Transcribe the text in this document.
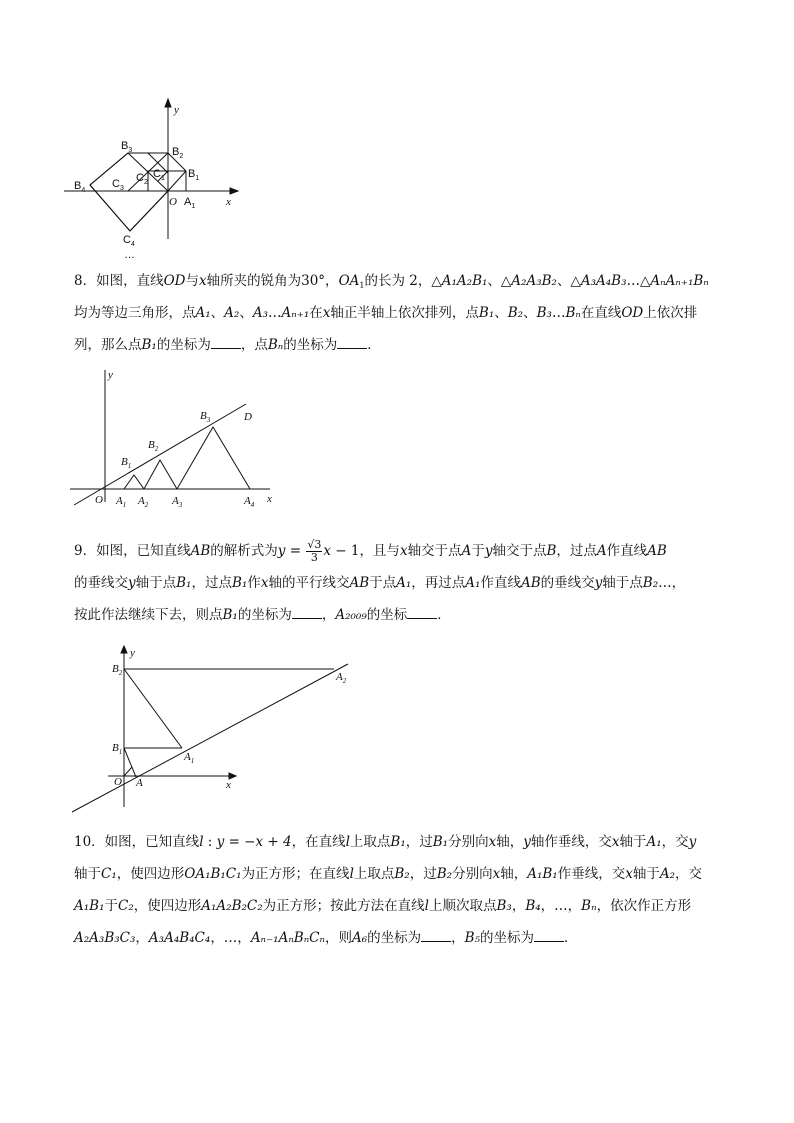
y
x
O
$B_3$	$B_2$
$B_1$
$B_4$
$C_3$
$C_2$
$C_1$
$C_4$
$A_1$
…

8．如图，直线OD与x轴所夹的锐角为30°，$OA_1$的长为 2，△A₁A₂B₁、△A₂A₃B₂、△A₃A₄B₃…△AₙAₙ₊₁Bₙ

均为等边三角形，点A₁、A₂、A₃…Aₙ₊₁在x轴正半轴上依次排列，点B₁、B₂、B₃…Bₙ在直线OD上依次排

列，那么点B₁的坐标为 ，点Bₙ的坐标为 ．

y
x
O
D
$B_1$
$B_2$
$B_3$
$A_1$ $A_2$ $A_3$	$A_4$

9．如图，已知直线AB的解析式为$y = \frac{√3}{3}$ x − 1，且与x轴交于点A于y轴交于点B，过点A作直线AB

的垂线交y轴于点B₁，过点B₁作x轴的平行线交AB于点A₁，再过点A₁作直线AB的垂线交y轴于点B₂…，

按此作法继续下去，则点B₁的坐标为 ，A₂₀₀₉的坐标 ．

y
x
O A
$B_2$
$B_1$	$A_1$
$A_2$

10．如图，已知直线l : y = −x + 4，在直线l上取点B₁，过B₁分别向x轴，y轴作垂线，交x轴于A₁，交y

轴于C₁，使四边形OA₁B₁C₁为正方形；在直线l上取点B₂，过B₂分别向x轴，A₁B₁作垂线，交x轴于A₂，交

A₁B₁于C₂，使四边形A₁A₂B₂C₂为正方形；按此方法在直线l上顺次取点B₃，B₄，…，Bₙ，依次作正方形

A₂A₃B₃C₃，A₃A₄B₄C₄，…，Aₙ₋₁AₙBₙCₙ，则A₆的坐标为 ，B₅的坐标为 ．
